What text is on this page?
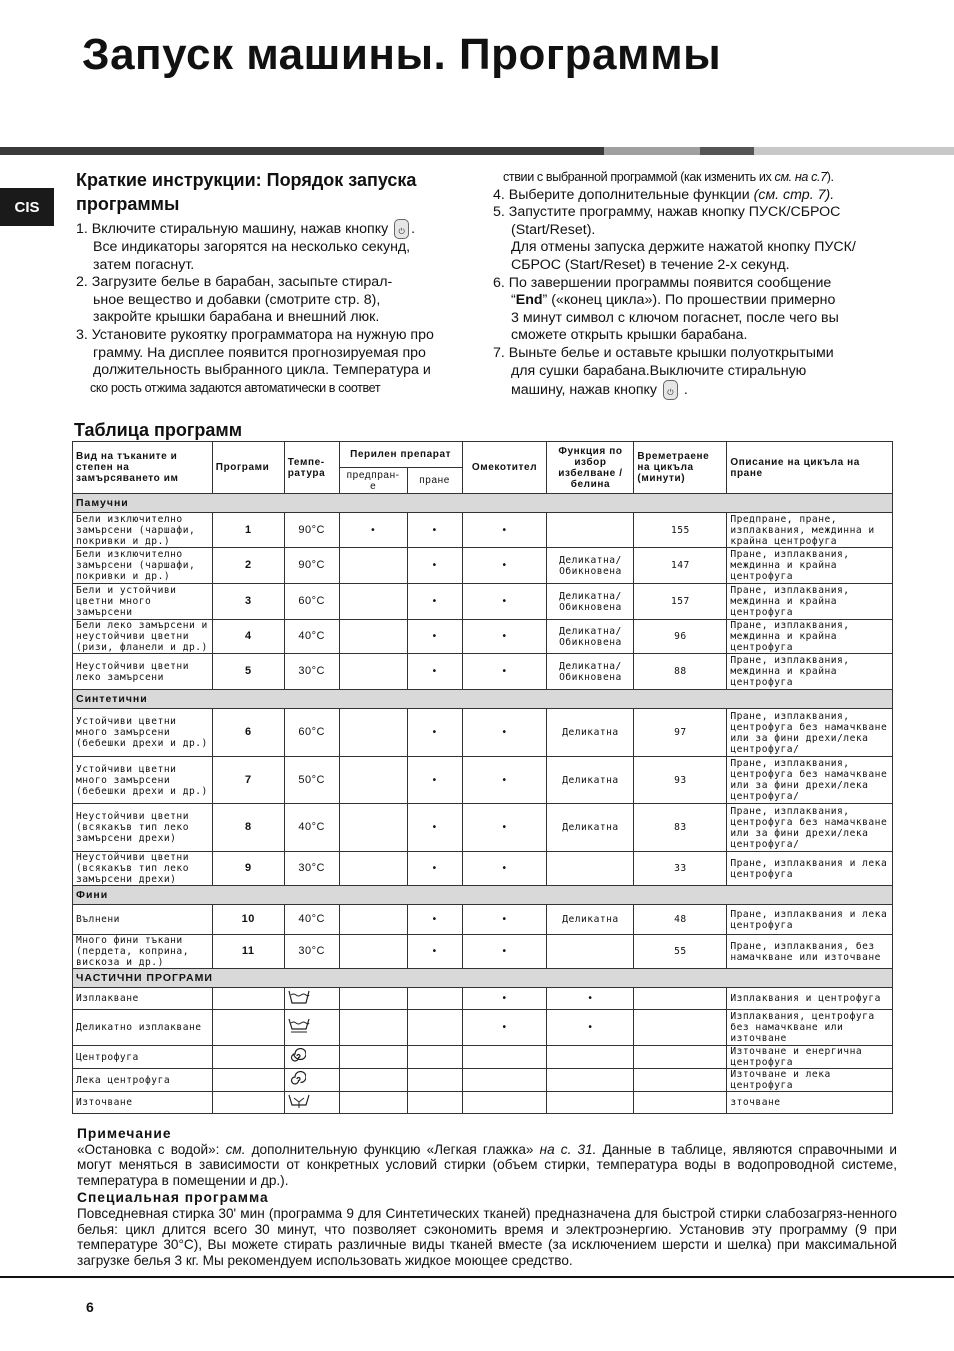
Запуск машины. Программы
CIS
Краткие инструкции: Порядок запуска
программы
1. Включите стиральную машину, нажав кнопку ⏻ .
Все индикаторы загорятся на несколько секунд,
затем погаснут.
2. Загрузите белье в барабан, засыпьте стирал-
ьное вещество и добавки (смотрите стр. 8),
закройте крышки барабана и внешний люк.
3. Установите рукоятку программатора на нужную про
грамму. На дисплее появится прогнозируемая про
должительность выбранного цикла. Температура и
ско рость отжима задаются автоматически в соответ
ствии с выбранной программой (как изменить их см. на с.7).
4. Выберите дополнительные функции (см. стр. 7).
5. Запустите программу, нажав кнопку ПУСК/СБРОС
(Start/Reset).
Для отмены запуска держите нажатой кнопку ПУСК/
СБРОС (Start/Reset) в течение 2-х секунд.
6. По завершении программы появится сообщение
“End” («конец цикла»). По прошествии примерно
3 минут символ с ключом погаснет, после чего вы
сможете открыть крышки барабана.
7. Выньте белье и оставьте крышки полуоткрытыми
для сушки барабана.Выключите стиральную
машину, нажав кнопку ⏻ .
Таблица программ
Вид на тъканите и степен на замърсяването им	Програми	Темпе- ратура	Перилен препарат		Омекотител	Функция по избор избелване /белина	Времетраене на цикъла (минути)	Описание на цикъла на пране
			предпран- е	пране				
Памучни								
Бели изключително замърсени (чаршафи, покривки и др.)	1	90°C	•	•	•		155	Предпране, пране, изплаквания, междинна и крайна центрофуга
Бели изключително замърсени (чаршафи, покривки и др.)	2	90°C		•	•	Деликатна/ Обикновена	147	Пране, изплаквания, междинна и крайна центрофуга
Бели и устойчиви цветни много замърсени	3	60°C		•	•	Деликатна/ Обикновена	157	Пране, изплаквания, междинна и крайна центрофуга
Бели леко замърсени и неустойчиви цветни (ризи, фланели и др.)	4	40°C		•	•	Деликатна/ Обикновена	96	Пране, изплаквания, междинна и крайна центрофуга
Неустойчиви цветни леко замърсени	5	30°C		•	•	Деликатна/ Обикновена	88	Пране, изплаквания, междинна и крайна центрофуга
Синтетични								
Устойчиви цветни много замърсени (бебешки дрехи и др.)	6	60°C		•	•	Деликатна	97	Пране, изплаквания, центрофуга без намачкване или за фини дрехи/лека центрофуга/
Устойчиви цветни много замърсени (бебешки дрехи и др.)	7	50°C		•	•	Деликатна	93	Пране, изплаквания, центрофуга без намачкване или за фини дрехи/лека центрофуга/
Неустойчиви цветни (всякакъв тип леко замърсени дрехи)	8	40°C		•	•	Деликатна	83	Пране, изплаквания, центрофуга без намачкване или за фини дрехи/лека центрофуга/
Неустойчиви цветни (всякакъв тип леко замърсени дрехи)	9	30°C		•	•		33	Пране, изплаквания и лека центрофуга
Фини								
Вълнени	10	40°C		•	•	Деликатна	48	Пране, изплаквания и лека центрофуга
Много фини тъкани (пердета, коприна, вискоза и др.)	11	30°C		•	•		55	Пране, изплаквания, без намачкване или източване
ЧАСТИЧНИ ПРОГРАМИ								
Изплакване					•	•		Изплаквания и центрофуга
Деликатно изплакване					•	•		Изплаквания, центрофуга без намачкване или източване
Центрофуга								Източване и енергична центрофуга
Лека центрофуга								Източване и лека центрофуга
Източване								зточване
Примечание
«Остановка с водой»: см. дополнительную функцию «Легкая глажка» на с. 31. Данные в таблице, являются справочными и могут меняться в зависимости от конкретных условий стирки (объем стирки, температура воды в водопроводной системе, температура в помещении и др.).
Специальная программа
Повседневная стирка 30' мин (программа 9 для Синтетических тканей) предназначена для быстрой стирки слабозагряз-ненного белья: цикл длится всего 30 минут, что позволяет сэкономить время и электроэнергию. Установив эту программу (9 при температуре 30°C), Вы можете стирать различные виды тканей вместе (за исключением шерсти и шелка) при максимальной загрузке белья 3 кг. Мы рекомендуем использовать жидкое моющее средство.
6
